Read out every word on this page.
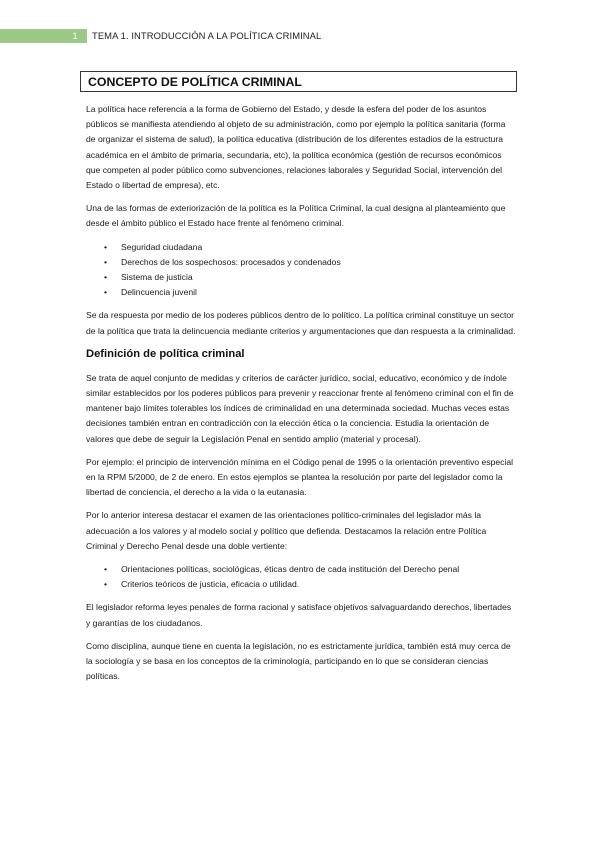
1	TEMA 1. INTRODUCCIÓN A LA POLÍTICA CRIMINAL
CONCEPTO DE POLÍTICA CRIMINAL

La política hace referencia a la forma de Gobierno del Estado, y desde la esfera del poder de los asuntos públicos se manifiesta atendiendo al objeto de su administración, como por ejemplo la política sanitaria (forma de organizar el sistema de salud), la política educativa (distribución de los diferentes estadios de la estructura académica en el ámbito de primaria, secundaria, etc), la política económica (gestión de recursos económicos que competen al poder público como subvenciones, relaciones laborales y Seguridad Social, intervención del Estado o libertad de empresa), etc.

Una de las formas de exteriorización de la política es la Política Criminal, la cual designa al planteamiento que desde el ámbito público el Estado hace frente al fenómeno criminal.

• Seguridad ciudadana
• Derechos de los sospechosos: procesados y condenados
• Sistema de justicia
• Delincuencia juvenil

Se da respuesta por medio de los poderes públicos dentro de lo político. La política criminal constituye un sector de la política que trata la delincuencia mediante criterios y argumentaciones que dan respuesta a la criminalidad.

Definición de política criminal

Se trata de aquel conjunto de medidas y criterios de carácter jurídico, social, educativo, económico y de índole similar establecidos por los poderes públicos para prevenir y reaccionar frente al fenómeno criminal con el fin de mantener bajo límites tolerables los índices de criminalidad en una determinada sociedad. Muchas veces estas decisiones también entran en contradicción con la elección ética o la conciencia. Estudia la orientación de valores que debe de seguir la Legislación Penal en sentido amplio (material y procesal).

Por ejemplo: el principio de intervención mínima en el Código penal de 1995 o la orientación preventivo especial en la RPM 5/2000, de 2 de enero. En estos ejemplos se plantea la resolución por parte del legislador como la libertad de conciencia, el derecho a la vida o la eutanasia.

Por lo anterior interesa destacar el examen de las orientaciones político-criminales del legislador más la adecuación a los valores y al modelo social y político que defienda. Destacamos la relación entre Política Criminal y Derecho Penal desde una doble vertiente:

• Orientaciones políticas, sociológicas, éticas dentro de cada institución del Derecho penal
• Criterios teóricos de justicia, eficacia o utilidad.

El legislador reforma leyes penales de forma racional y satisface objetivos salvaguardando derechos, libertades y garantías de los ciudadanos.

Como disciplina, aunque tiene en cuenta la legislación, no es estrictamente jurídica, también está muy cerca de la sociología y se basa en los conceptos de la criminología, participando en lo que se consideran ciencias políticas.
